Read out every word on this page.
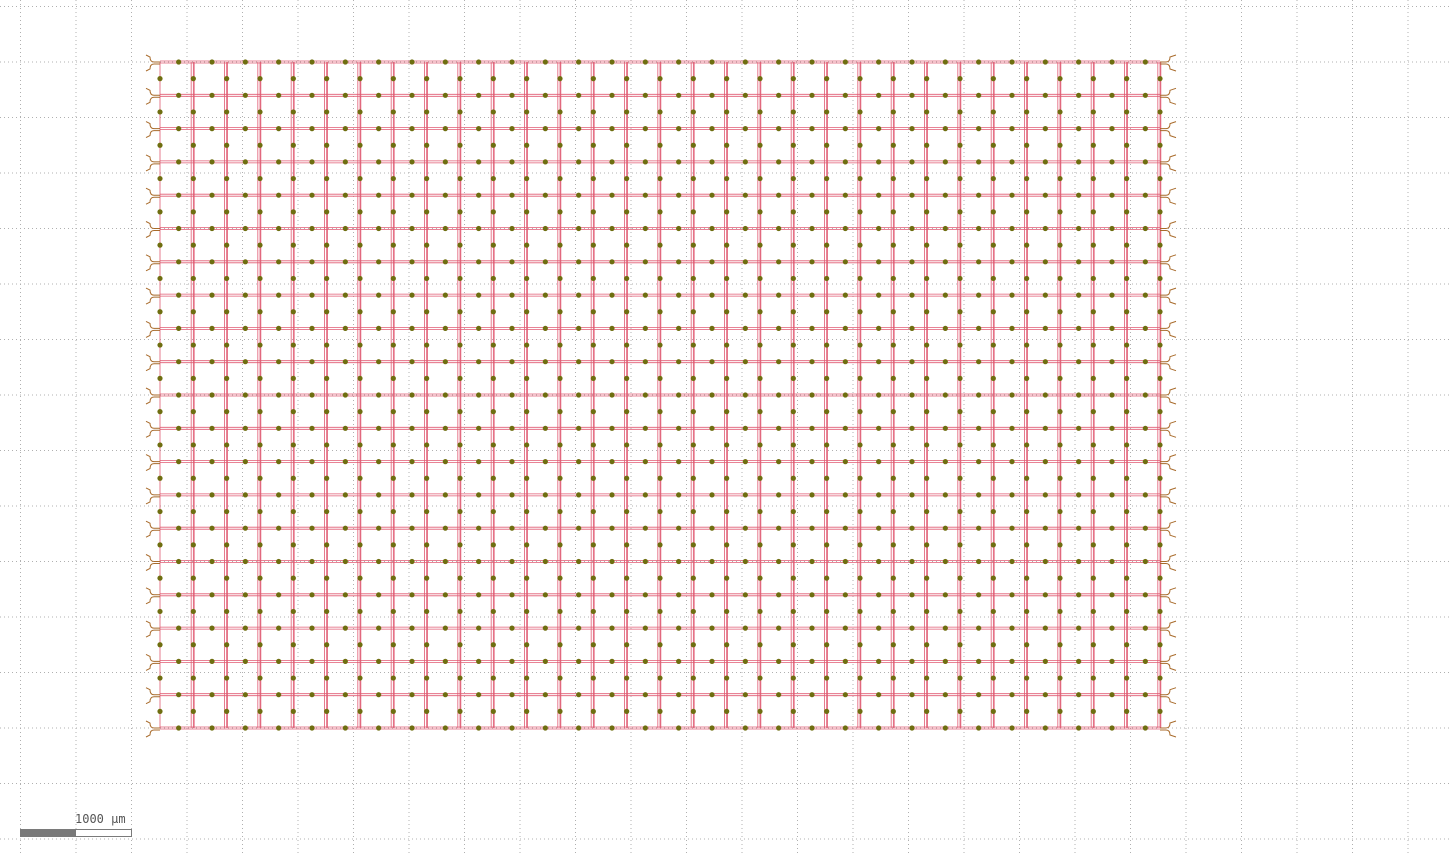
1000 µm
